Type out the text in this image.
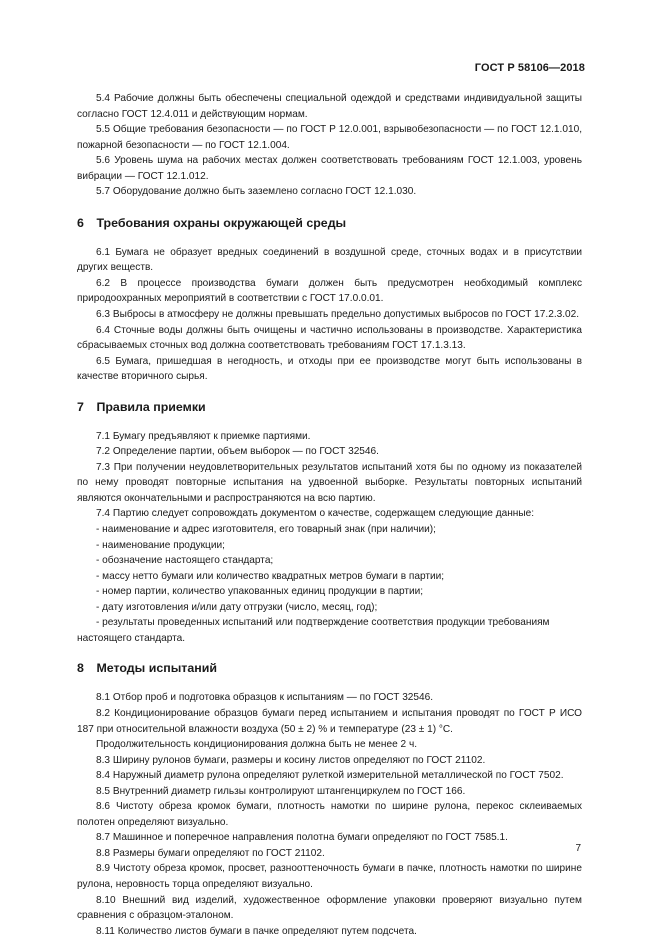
ГОСТ Р 58106—2018

5.4 Рабочие должны быть обеспечены специальной одеждой и средствами индивидуальной защиты согласно ГОСТ 12.4.011 и действующим нормам.

5.5 Общие требования безопасности — по ГОСТ Р 12.0.001, взрывобезопасности — по ГОСТ 12.1.010, пожарной безопасности — по ГОСТ 12.1.004.

5.6 Уровень шума на рабочих местах должен соответствовать требованиям ГОСТ 12.1.003, уровень вибрации — ГОСТ 12.1.012.

5.7 Оборудование должно быть заземлено согласно ГОСТ 12.1.030.

6 Требования охраны окружающей среды

6.1 Бумага не образует вредных соединений в воздушной среде, сточных водах и в присутствии других веществ.

6.2 В процессе производства бумаги должен быть предусмотрен необходимый комплекс природоохранных мероприятий в соответствии с ГОСТ 17.0.0.01.

6.3 Выбросы в атмосферу не должны превышать предельно допустимых выбросов по ГОСТ 17.2.3.02.

6.4 Сточные воды должны быть очищены и частично использованы в производстве. Характеристика сбрасываемых сточных вод должна соответствовать требованиям ГОСТ 17.1.3.13.

6.5 Бумага, пришедшая в негодность, и отходы при ее производстве могут быть использованы в качестве вторичного сырья.

7 Правила приемки

7.1 Бумагу предъявляют к приемке партиями.

7.2 Определение партии, объем выборок — по ГОСТ 32546.

7.3 При получении неудовлетворительных результатов испытаний хотя бы по одному из показателей по нему проводят повторные испытания на удвоенной выборке. Результаты повторных испытаний являются окончательными и распространяются на всю партию.

7.4 Партию следует сопровождать документом о качестве, содержащем следующие данные:

- наименование и адрес изготовителя, его товарный знак (при наличии);

- наименование продукции;

- обозначение настоящего стандарта;

- массу нетто бумаги или количество квадратных метров бумаги в партии;

- номер партии, количество упакованных единиц продукции в партии;

- дату изготовления и/или дату отгрузки (число, месяц, год);

- результаты проведенных испытаний или подтверждение соответствия продукции требованиям настоящего стандарта.

8 Методы испытаний

8.1 Отбор проб и подготовка образцов к испытаниям — по ГОСТ 32546.

8.2 Кондиционирование образцов бумаги перед испытанием и испытания проводят по ГОСТ Р ИСО 187 при относительной влажности воздуха (50 ± 2) % и температуре (23 ± 1) °С.

Продолжительность кондиционирования должна быть не менее 2 ч.

8.3 Ширину рулонов бумаги, размеры и косину листов определяют по ГОСТ 21102.

8.4 Наружный диаметр рулона определяют рулеткой измерительной металлической по ГОСТ 7502.

8.5 Внутренний диаметр гильзы контролируют штангенциркулем по ГОСТ 166.

8.6 Чистоту обреза кромок бумаги, плотность намотки по ширине рулона, перекос склеиваемых полотен определяют визуально.

8.7 Машинное и поперечное направления полотна бумаги определяют по ГОСТ 7585.1.

8.8 Размеры бумаги определяют по ГОСТ 21102.

8.9 Чистоту обреза кромок, просвет, разнооттеночность бумаги в пачке, плотность намотки по ширине рулона, неровность торца определяют визуально.

8.10 Внешний вид изделий, художественное оформление упаковки проверяют визуально путем сравнения с образцом-эталоном.

8.11 Количество листов бумаги в пачке определяют путем подсчета.

7
